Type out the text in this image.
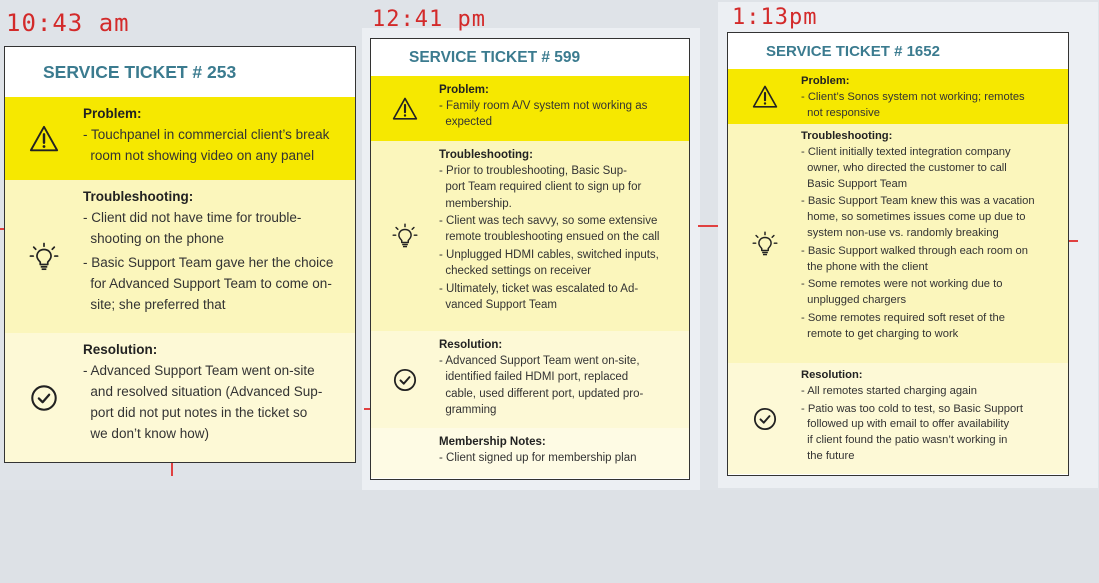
10:43 am
SERVICE TICKET # 253
Problem:
- Touchpanel in commercial client’s break
room not showing video on any panel
Troubleshooting:
- Client did not have time for trouble-
shooting on the phone
- Basic Support Team gave her the choice
for Advanced Support Team to come on-
site; she preferred that
Resolution:
- Advanced Support Team went on-site
and resolved situation (Advanced Sup-
port did not put notes in the ticket so
we don’t know how)
12:41 pm
SERVICE TICKET # 599
Problem:
- Family room A/V system not working as
expected
Troubleshooting:
- Prior to troubleshooting, Basic Sup-
port Team required client to sign up for
membership.
- Client was tech savvy, so some extensive
remote troubleshooting ensued on the call
- Unplugged HDMI cables, switched inputs,
checked settings on receiver
- Ultimately, ticket was escalated to Ad-
vanced Support Team
Resolution:
- Advanced Support Team went on-site,
identified failed HDMI port, replaced
cable, used different port, updated pro-
gramming
Membership Notes:
- Client signed up for membership plan
1:13pm
SERVICE TICKET # 1652
Problem:
- Client’s Sonos system not working; remotes
not responsive
Troubleshooting:
- Client initially texted integration company
owner, who directed the customer to call
Basic Support Team
- Basic Support Team knew this was a vacation
home, so sometimes issues come up due to
system non-use vs. randomly breaking
- Basic Support walked through each room on
the phone with the client
- Some remotes were not working due to
unplugged chargers
- Some remotes required soft reset of the
remote to get charging to work
Resolution:
- All remotes started charging again
- Patio was too cold to test, so Basic Support
followed up with email to offer availability
if client found the patio wasn’t working in
the future
